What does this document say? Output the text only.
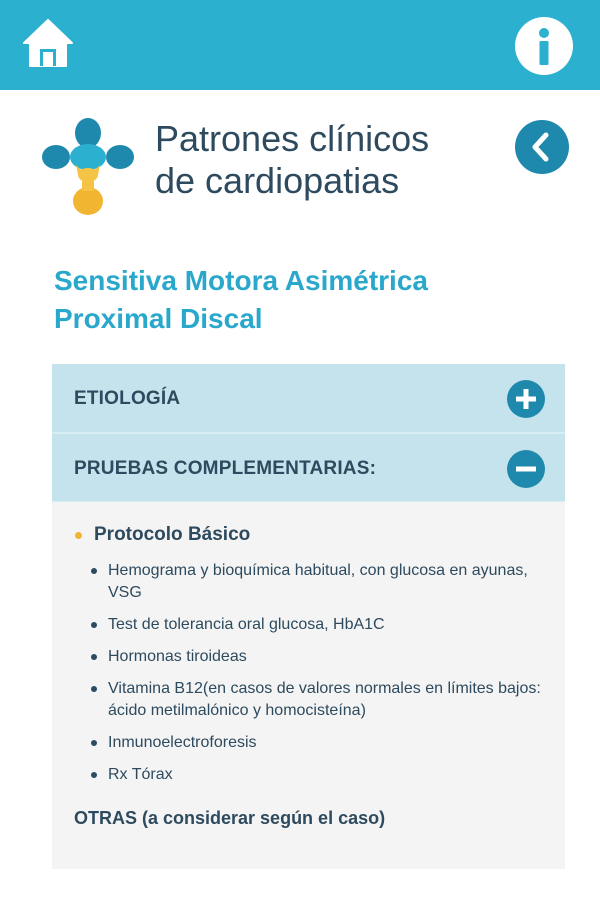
Patrones clínicos
de cardiopatias
Sensitiva Motora Asimétrica
Proximal Discal
ETIOLOGÍA
PRUEBAS COMPLEMENTARIAS:
Protocolo Básico
Hemograma y bioquímica habitual, con glucosa en ayunas, VSG
Test de tolerancia oral glucosa, HbA1C
Hormonas tiroideas
Vitamina B12(en casos de valores normales en límites bajos: ácido metilmalónico y homocisteína)
Inmunoelectroforesis
Rx Tórax
OTRAS (a considerar según el caso)
